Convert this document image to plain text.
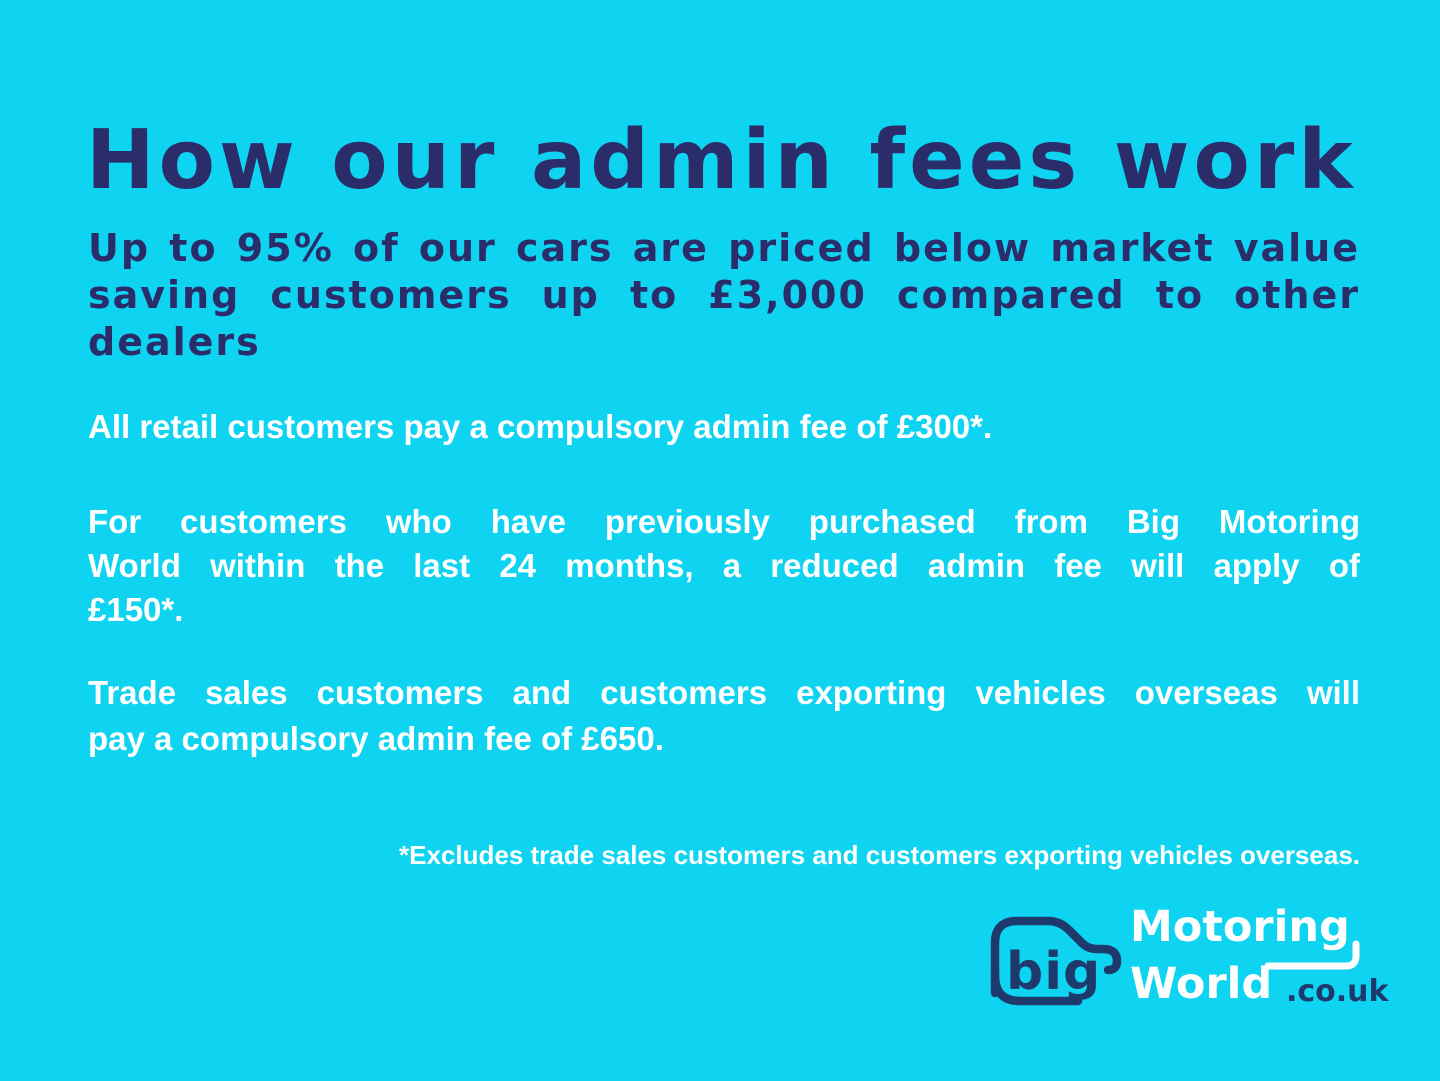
How our admin fees work
Up to 95% of our cars are priced below market value
saving customers up to £3,000 compared to other
dealers
All retail customers pay a compulsory admin fee of £300*.
For customers who have previously purchased from Big Motoring
World within the last 24 months, a reduced admin fee will apply of
£150*.
Trade sales customers and customers exporting vehicles overseas will
pay a compulsory admin fee of £650.
*Excludes trade sales customers and customers exporting vehicles overseas.
big
Motoring
World .co.uk
